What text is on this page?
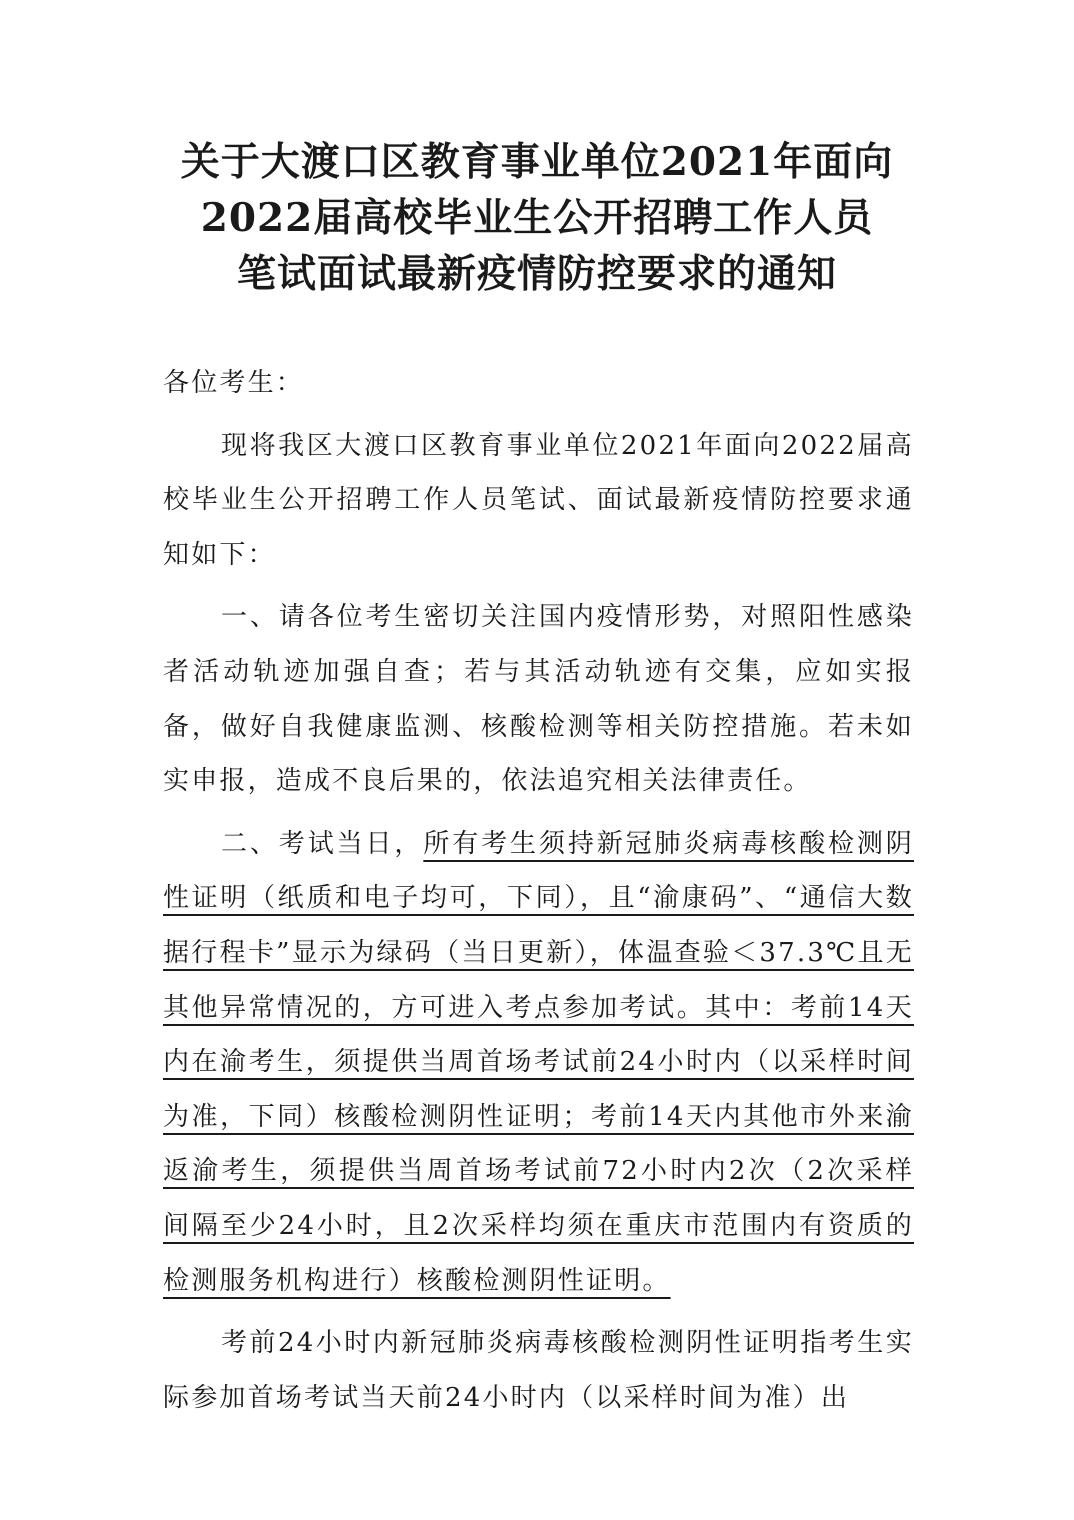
关于大渡口区教育事业单位2021年面向
2022届高校毕业生公开招聘工作人员
笔试面试最新疫情防控要求的通知

各位考生：

现将我区大渡口区教育事业单位2021年面向2022届高校毕业生公开招聘工作人员笔试、面试最新疫情防控要求通知如下：

一、请各位考生密切关注国内疫情形势，对照阳性感染者活动轨迹加强自查；若与其活动轨迹有交集，应如实报备，做好自我健康监测、核酸检测等相关防控措施。若未如实申报，造成不良后果的，依法追究相关法律责任。

二、考试当日，所有考生须持新冠肺炎病毒核酸检测阴性证明（纸质和电子均可，下同），且“渝康码”、“通信大数据行程卡”显示为绿码（当日更新），体温查验＜37.3℃且无其他异常情况的，方可进入考点参加考试。其中：考前14天内在渝考生，须提供当周首场考试前24小时内（以采样时间为准，下同）核酸检测阴性证明；考前14天内其他市外来渝返渝考生，须提供当周首场考试前72小时内2次（2次采样间隔至少24小时，且2次采样均须在重庆市范围内有资质的检测服务机构进行）核酸检测阴性证明。

考前24小时内新冠肺炎病毒核酸检测阴性证明指考生实际参加首场考试当天前24小时内（以采样时间为准）出
